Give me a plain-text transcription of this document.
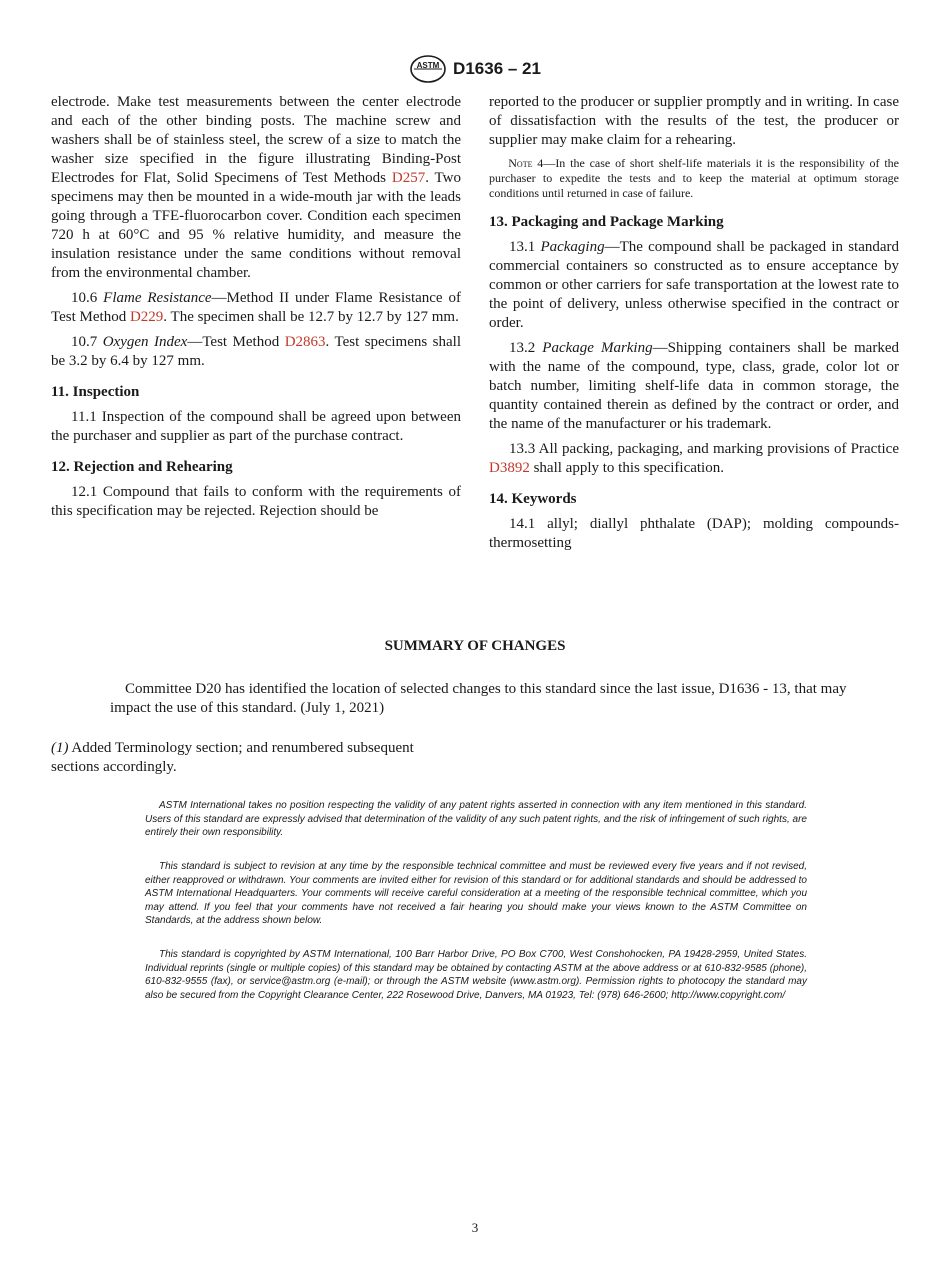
ASTM D1636 – 21

electrode. Make test measurements between the center electrode and each of the other binding posts. The machine screw and washers shall be of stainless steel, the screw of a size to match the washer size specified in the figure illustrating Binding-Post Electrodes for Flat, Solid Specimens of Test Methods D257. Two specimens may then be mounted in a wide-mouth jar with the leads going through a TFE-fluorocarbon cover. Condition each specimen 720 h at 60°C and 95 % relative humidity, and measure the insulation resistance under the same conditions without removal from the environmental chamber.

10.6 Flame Resistance—Method II under Flame Resistance of Test Method D229. The specimen shall be 12.7 by 12.7 by 127 mm.

10.7 Oxygen Index—Test Method D2863. Test specimens shall be 3.2 by 6.4 by 127 mm.

11. Inspection

11.1 Inspection of the compound shall be agreed upon between the purchaser and supplier as part of the purchase contract.

12. Rejection and Rehearing

12.1 Compound that fails to conform with the requirements of this specification may be rejected. Rejection should be

reported to the producer or supplier promptly and in writing. In case of dissatisfaction with the results of the test, the producer or supplier may make claim for a rehearing.

Note 4—In the case of short shelf-life materials it is the responsibility of the purchaser to expedite the tests and to keep the material at optimum storage conditions until returned in case of failure.

13. Packaging and Package Marking

13.1 Packaging—The compound shall be packaged in standard commercial containers so constructed as to ensure acceptance by common or other carriers for safe transportation at the lowest rate to the point of delivery, unless otherwise specified in the contract or order.

13.2 Package Marking—Shipping containers shall be marked with the name of the compound, type, class, grade, color lot or batch number, limiting shelf-life data in common storage, the quantity contained therein as defined by the contract or order, and the name of the manufacturer or his trademark.

13.3 All packing, packaging, and marking provisions of Practice D3892 shall apply to this specification.

14. Keywords

14.1 allyl; diallyl phthalate (DAP); molding compounds-thermosetting

SUMMARY OF CHANGES
Committee D20 has identified the location of selected changes to this standard since the last issue, D1636 - 13, that may impact the use of this standard. (July 1, 2021)
(1) Added Terminology section; and renumbered subsequent sections accordingly.

ASTM International takes no position respecting the validity of any patent rights asserted in connection with any item mentioned in this standard. Users of this standard are expressly advised that determination of the validity of any such patent rights, and the risk of infringement of such rights, are entirely their own responsibility.

This standard is subject to revision at any time by the responsible technical committee and must be reviewed every five years and if not revised, either reapproved or withdrawn. Your comments are invited either for revision of this standard or for additional standards and should be addressed to ASTM International Headquarters. Your comments will receive careful consideration at a meeting of the responsible technical committee, which you may attend. If you feel that your comments have not received a fair hearing you should make your views known to the ASTM Committee on Standards, at the address shown below.

This standard is copyrighted by ASTM International, 100 Barr Harbor Drive, PO Box C700, West Conshohocken, PA 19428-2959, United States. Individual reprints (single or multiple copies) of this standard may be obtained by contacting ASTM at the above address or at 610-832-9585 (phone), 610-832-9555 (fax), or service@astm.org (e-mail); or through the ASTM website (www.astm.org). Permission rights to photocopy the standard may also be secured from the Copyright Clearance Center, 222 Rosewood Drive, Danvers, MA 01923, Tel: (978) 646-2600; http://www.copyright.com/

3
